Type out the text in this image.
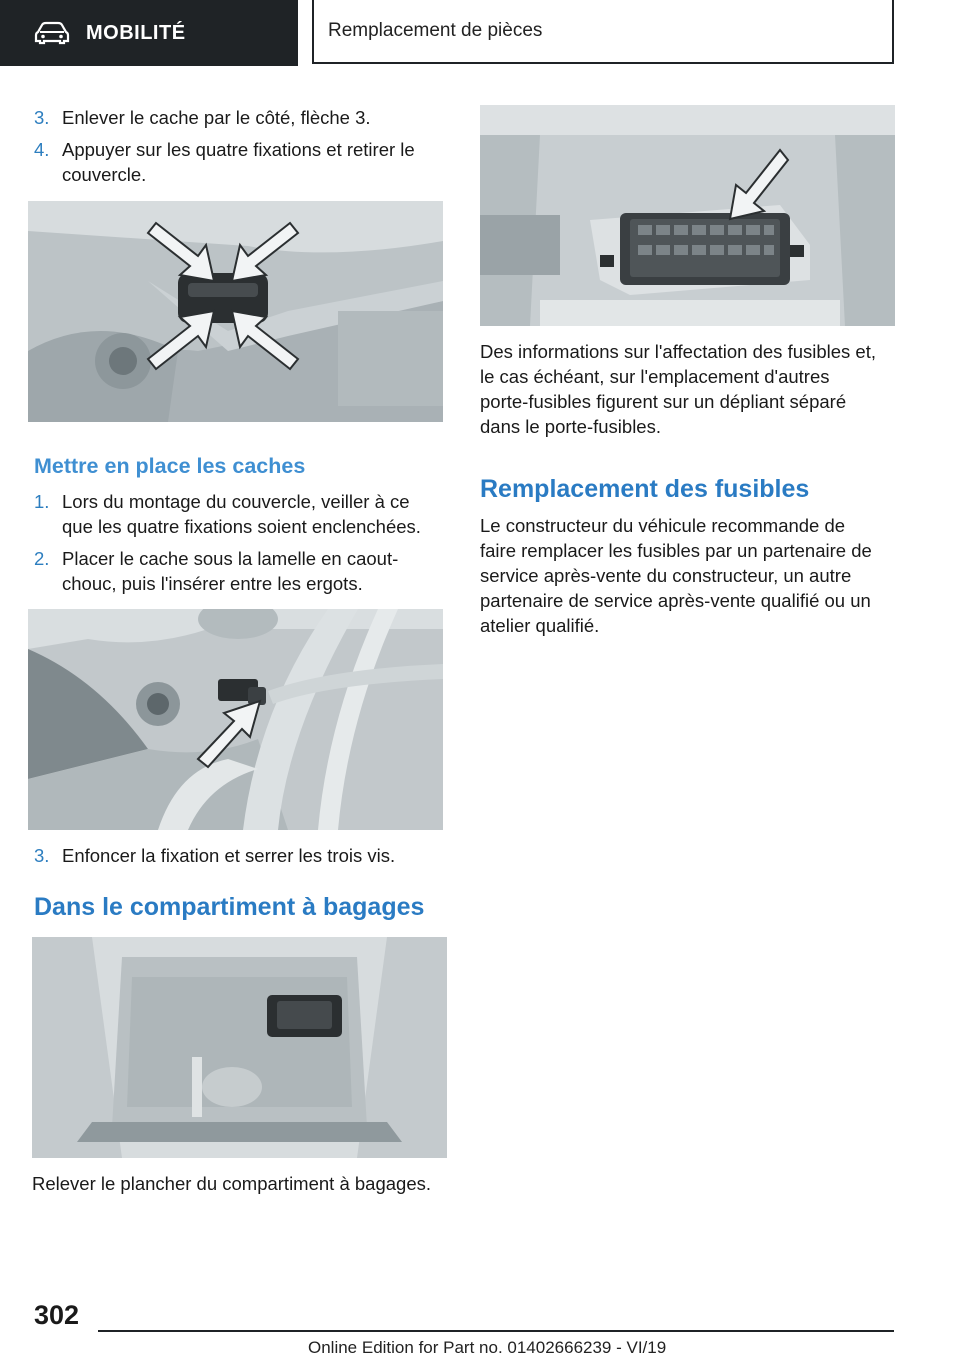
MOBILITÉ	Remplacement de pièces
3. Enlever le cache par le côté, flèche 3.
4. Appuyer sur les quatre fixations et retirer le
couvercle.
Mettre en place les caches
1. Lors du montage du couvercle, veiller à ce
que les quatre fixations soient enclenchées.
2. Placer le cache sous la lamelle en caout‐
chouc, puis l'insérer entre les ergots.
3. Enfoncer la fixation et serrer les trois vis.
Dans le compartiment à bagages
Relever le plancher du compartiment à bagages.
Des informations sur l'affectation des fusibles et,
le cas échéant, sur l'emplacement d'autres
porte-fusibles figurent sur un dépliant séparé
dans le porte-fusibles.
Remplacement des fusibles
Le constructeur du véhicule recommande de
faire remplacer les fusibles par un partenaire de
service après-vente du constructeur, un autre
partenaire de service après-vente qualifié ou un
atelier qualifié.
302
Online Edition for Part no. 01402666239 - VI/19
